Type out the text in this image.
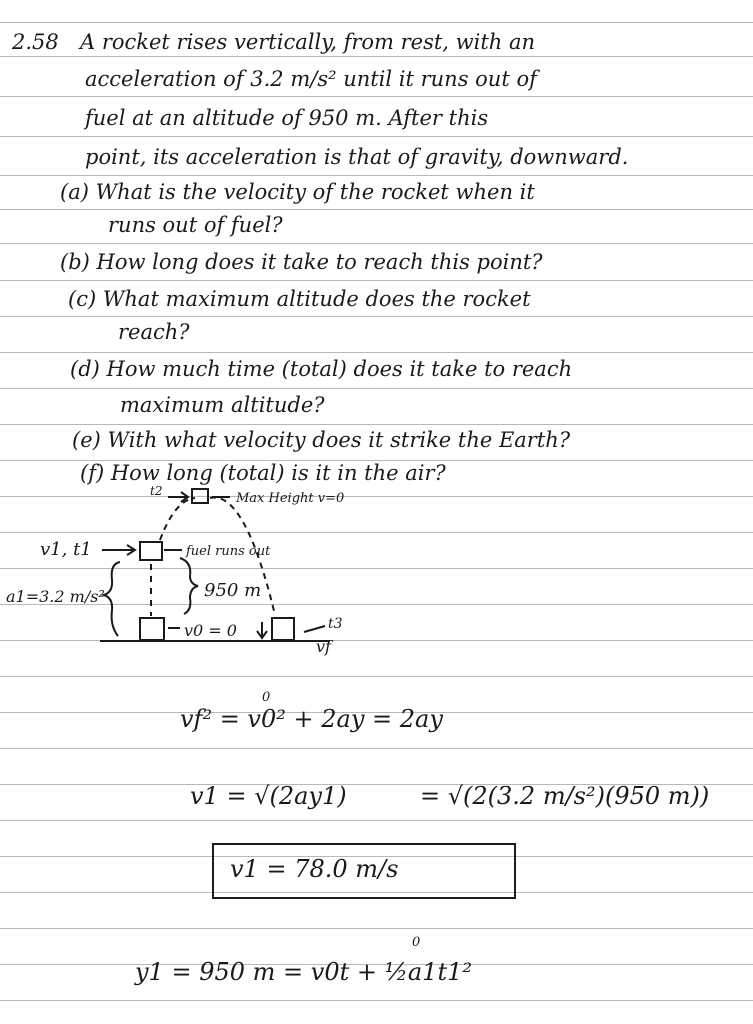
2.58 A rocket rises vertically, from rest, with an
acceleration of 3.2 m/s² until it runs out of
fuel at an altitude of 950 m. After this
point, its acceleration is that of gravity, downward.
(a) What is the velocity of the rocket when it
runs out of fuel?
(b) How long does it take to reach this point?
(c) What maximum altitude does the rocket
reach?
(d) How much time (total) does it take to reach
maximum altitude?
(e) With what velocity does it strike the Earth?
(f) How long (total) is it in the air?
Max Height v=0
t2
v1, t1	fuel runs out
a1=3.2 m/s²	950 m
v0 = 0
vf
t3
vf² = v0² + 2ay = 2ay
0
v1 = √(2ay1)	= √(2(3.2 m/s²)(950 m))
v1 = 78.0 m/s
y1 = 950 m = v0t + ½a1t1²
0
